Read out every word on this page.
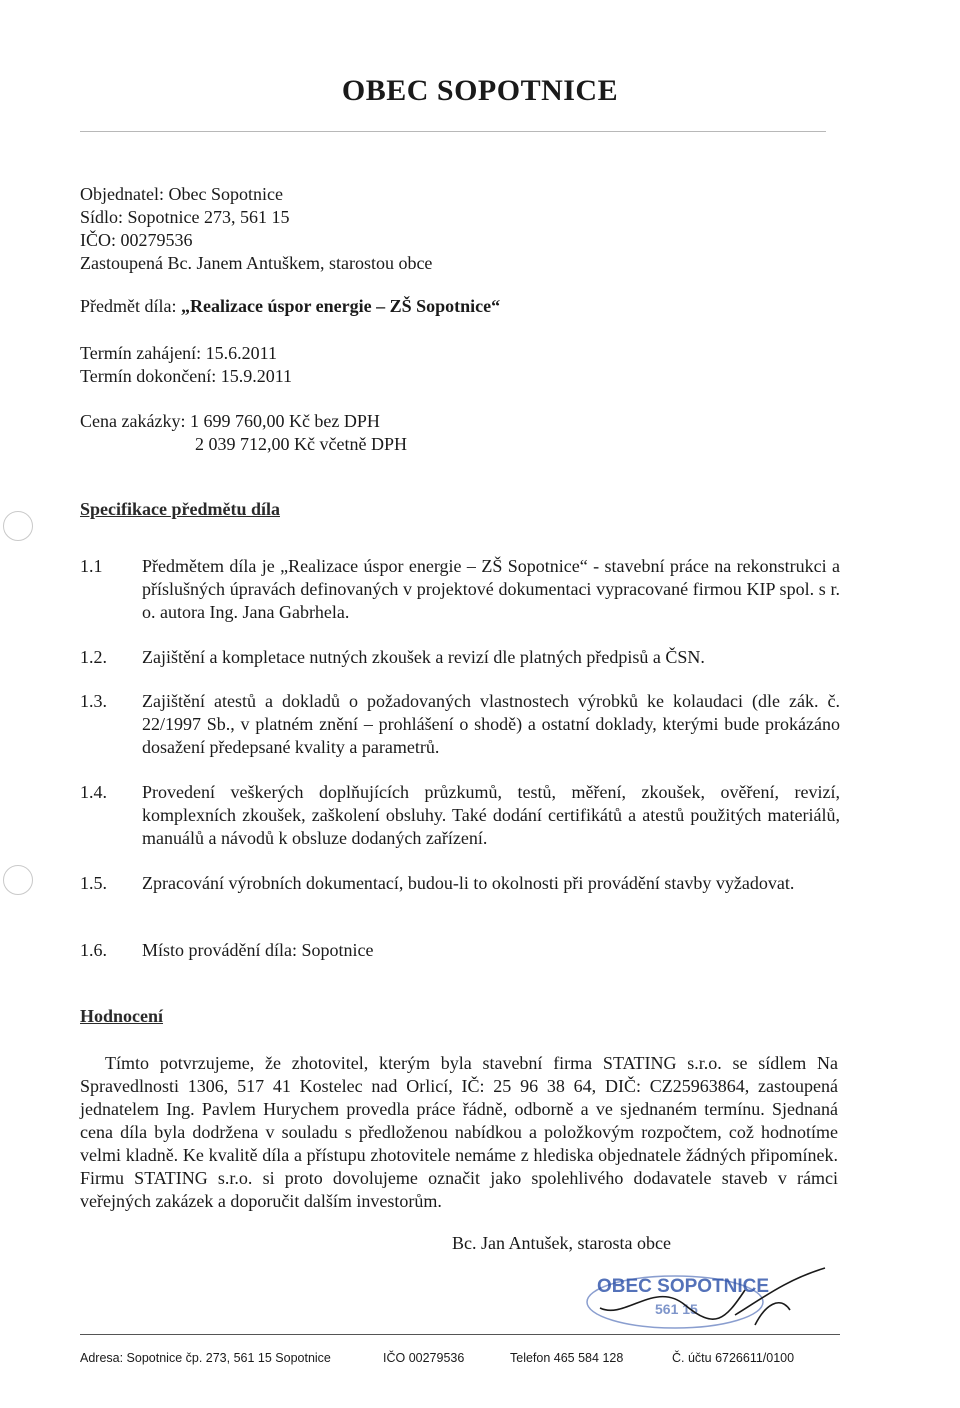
OBEC SOPOTNICE
Objednatel: Obec Sopotnice
Sídlo: Sopotnice 273, 561 15
IČO: 00279536
Zastoupená Bc. Janem Antuškem, starostou obce
Předmět díla: „Realizace úspor energie – ZŠ Sopotnice“
Termín zahájení: 15.6.2011
Termín dokončení: 15.9.2011
Cena zakázky: 1 699 760,00 Kč bez DPH
2 039 712,00 Kč včetně DPH
Specifikace předmětu díla
1.1 Předmětem díla je „Realizace úspor energie – ZŠ Sopotnice“ - stavební práce na rekonstrukci a příslušných úpravách definovaných v projektové dokumentaci vypracované firmou KIP spol. s r. o. autora Ing. Jana Gabrhela.
1.2. Zajištění a kompletace nutných zkoušek a revizí dle platných předpisů a ČSN.
1.3. Zajištění atestů a dokladů o požadovaných vlastnostech výrobků ke kolaudaci (dle zák. č. 22/1997 Sb., v platném znění – prohlášení o shodě) a ostatní doklady, kterými bude prokázáno dosažení předepsané kvality a parametrů.
1.4. Provedení veškerých doplňujících průzkumů, testů, měření, zkoušek, ověření, revizí, komplexních zkoušek, zaškolení obsluhy. Také dodání certifikátů a atestů použitých materiálů, manuálů a návodů k obsluze dodaných zařízení.
1.5. Zpracování výrobních dokumentací, budou-li to okolnosti při provádění stavby vyžadovat.
1.6. Místo provádění díla: Sopotnice
Hodnocení
Tímto potvrzujeme, že zhotovitel, kterým byla stavební firma STATING s.r.o. se sídlem Na Spravedlnosti 1306, 517 41 Kostelec nad Orlicí, IČ: 25 96 38 64, DIČ: CZ25963864, zastoupená jednatelem Ing. Pavlem Hurychem provedla práce řádně, odborně a ve sjednaném termínu. Sjednaná cena díla byla dodržena v souladu s předloženou nabídkou a položkovým rozpočtem, což hodnotíme velmi kladně. Ke kvalitě díla a přístupu zhotovitele nemáme z hlediska objednatele žádných připomínek. Firmu STATING s.r.o. si proto dovolujeme označit jako spolehlivého dodavatele staveb v rámci veřejných zakázek a doporučit dalším investorům.
Bc. Jan Antušek, starosta obce
OBEC SOPOTNICE
561 15
Adresa: Sopotnice čp. 273, 561 15 Sopotnice	IČO 00279536	Telefon 465 584 128	Č. účtu 6726611/0100
